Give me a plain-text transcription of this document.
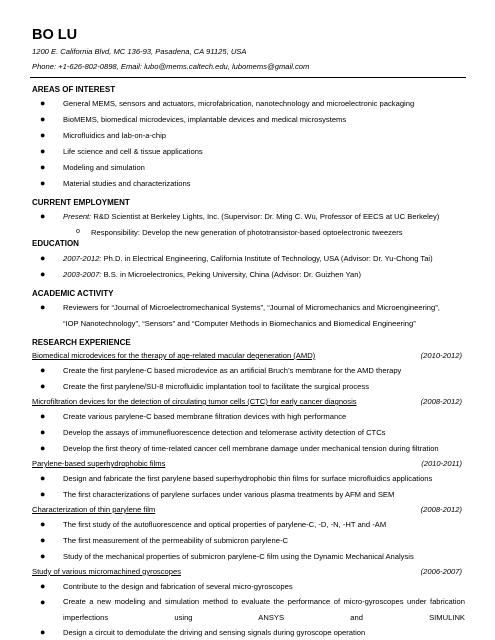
BO LU
1200 E. California Blvd, MC 136-93, Pasadena, CA 91125, USA
Phone: +1-626-802-0898, Email: lubo@mems.caltech.edu, lubomems@gmail.com
AREAS OF INTEREST
● General MEMS, sensors and actuators, microfabrication, nanotechnology and microelectronic packaging
● BioMEMS, biomedical microdevices, implantable devices and medical microsystems
● Microfluidics and lab-on-a-chip
● Life science and cell & tissue applications
● Modeling and simulation
● Material studies and characterizations
CURRENT EMPLOYMENT
● Present: R&D Scientist at Berkeley Lights, Inc. (Supervisor: Dr. Ming C. Wu, Professor of EECS at UC Berkeley)
o Responsibility: Develop the new generation of phototransistor-based optoelectronic tweezers
EDUCATION
● 2007-2012: Ph.D. in Electrical Engineering, California Institute of Technology, USA (Advisor: Dr. Yu-Chong Tai)
● 2003-2007: B.S. in Microelectronics, Peking University, China (Advisor: Dr. Guizhen Yan)
ACADEMIC ACTIVITY
● Reviewers for “Journal of Microelectromechanical Systems”, “Journal of Micromechanics and Microengineering”,
“IOP Nanotechnology”, “Sensors” and “Computer Methods in Biomechanics and Biomedical Engineering”
RESEARCH EXPERIENCE
Biomedical microdevices for the therapy of age-related macular degeneration (AMD)	(2010-2012)
● Create the first parylene-C based microdevice as an artificial Bruch’s membrane for the AMD therapy
● Create the first parylene/SU-8 microfluidic implantation tool to facilitate the surgical process
Microfiltration devices for the detection of circulating tumor cells (CTC) for early cancer diagnosis	(2008-2012)
● Create various parylene-C based membrane filtration devices with high performance
● Develop the assays of immunefluorescence detection and telomerase activity detection of CTCs
● Develop the first theory of time-related cancer cell membrane damage under mechanical tension during filtration
Parylene-based superhydrophobic films	(2010-2011)
● Design and fabricate the first parylene based superhydrophobic thin films for surface microfluidics applications
● The first characterizations of parylene surfaces under various plasma treatments by AFM and SEM
Characterization of thin parylene film	(2008-2012)
● The first study of the autofluorescence and optical properties of parylene-C, -D, -N, -HT and -AM
● The first measurement of the permeability of submicron parylene-C
● Study of the mechanical properties of submicron parylene-C film using the Dynamic Mechanical Analysis
Study of various micromachined gyroscopes	(2006-2007)
● Contribute to the design and fabrication of several micro-gyroscopes
● Create a new modeling and simulation method to evaluate the performance of micro-gyroscopes under fabrication imperfections using ANSYS and SIMULINK
● Design a circuit to demodulate the driving and sensing signals during gyroscope operation
